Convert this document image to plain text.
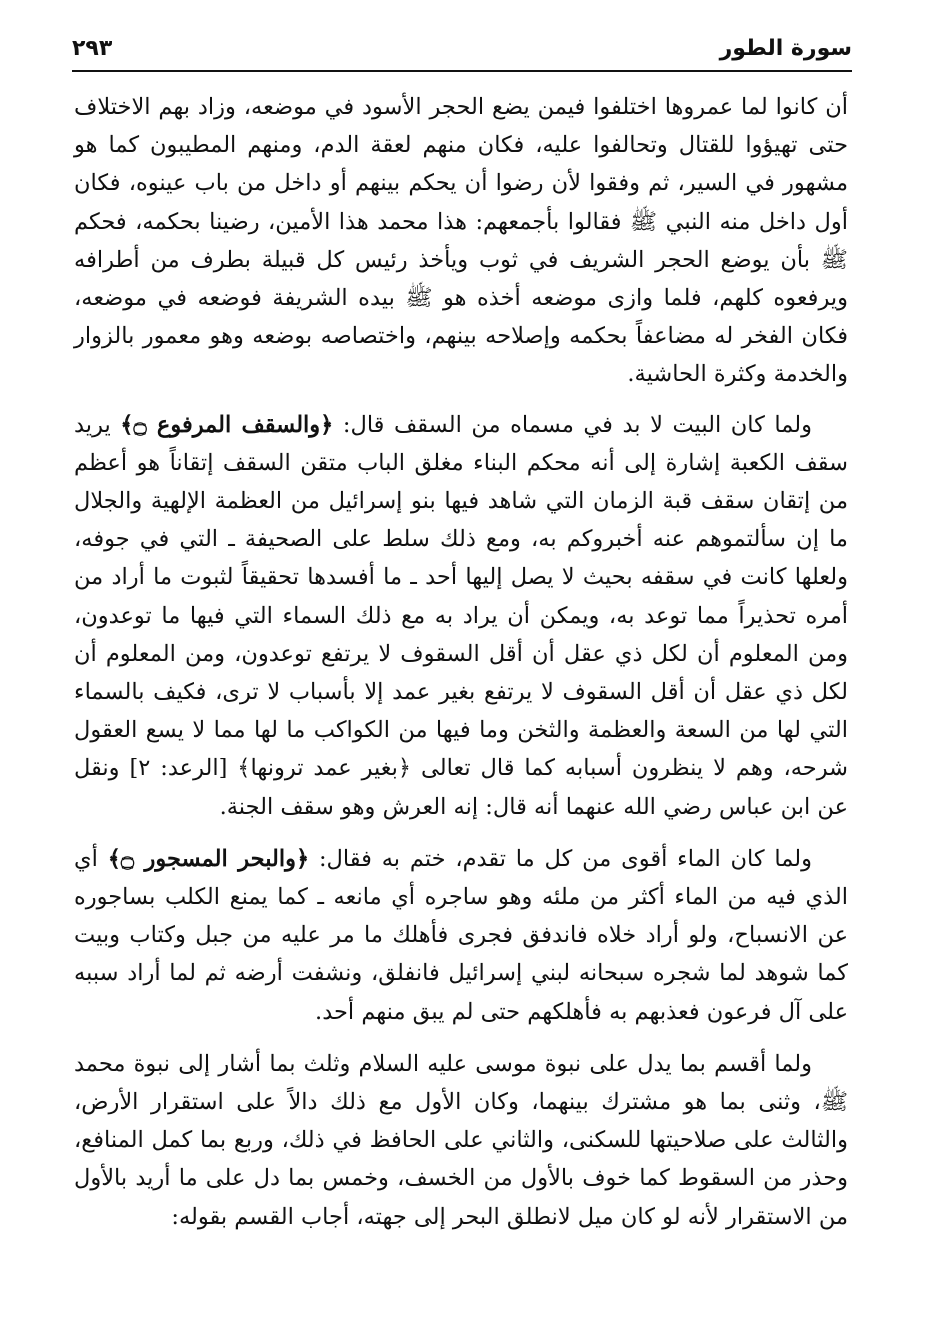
سورة الطور
٢٩٣

أن كانوا لما عمروها اختلفوا فيمن يضع الحجر الأسود في موضعه، وزاد بهم الاختلاف حتى تهيؤوا للقتال وتحالفوا عليه، فكان منهم لعقة الدم، ومنهم المطيبون كما هو مشهور في السير، ثم وفقوا لأن رضوا أن يحكم بينهم أو داخل من باب عينوه، فكان أول داخل منه النبي ﷺ فقالوا بأجمعهم: هذا محمد هذا الأمين، رضينا بحكمه، فحكم ﷺ بأن يوضع الحجر الشريف في ثوب ويأخذ رئيس كل قبيلة بطرف من أطرافه ويرفعوه كلهم، فلما وازى موضعه أخذه هو ﷺ بيده الشريفة فوضعه في موضعه، فكان الفخر له مضاعفاً بحكمه وإصلاحه بينهم، واختصاصه بوضعه وهو معمور بالزوار والخدمة وكثرة الحاشية.

ولما كان البيت لا بد في مسماه من السقف قال: ﴿والسقف المرفوع ۝﴾ يريد سقف الكعبة إشارة إلى أنه محكم البناء مغلق الباب متقن السقف إتقاناً هو أعظم من إتقان سقف قبة الزمان التي شاهد فيها بنو إسرائيل من العظمة الإلهية والجلال ما إن سألتموهم عنه أخبروكم به، ومع ذلك سلط على الصحيفة ـ التي في جوفه، ولعلها كانت في سقفه بحيث لا يصل إليها أحد ـ ما أفسدها تحقيقاً لثبوت ما أراد من أمره تحذيراً مما توعد به، ويمكن أن يراد به مع ذلك السماء التي فيها ما توعدون، ومن المعلوم أن لكل ذي عقل أن أقل السقوف لا يرتفع توعدون، ومن المعلوم أن لكل ذي عقل أن أقل السقوف لا يرتفع بغير عمد إلا بأسباب لا ترى، فكيف بالسماء التي لها من السعة والعظمة والثخن وما فيها من الكواكب ما لها مما لا يسع العقول شرحه، وهم لا ينظرون أسبابه كما قال تعالى ﴿بغير عمد ترونها﴾ [الرعد: ٢] ونقل عن ابن عباس رضي الله عنهما أنه قال: إنه العرش وهو سقف الجنة.

ولما كان الماء أقوى من كل ما تقدم، ختم به فقال: ﴿والبحر المسجور ۝﴾ أي الذي فيه من الماء أكثر من ملئه وهو ساجره أي مانعه ـ كما يمنع الكلب بساجوره عن الانسباح، ولو أراد خلاه فاندفق فجرى فأهلك ما مر عليه من جبل وكتاب وبيت كما شوهد لما شجره سبحانه لبني إسرائيل فانفلق، ونشفت أرضه ثم لما أراد سببه على آل فرعون فعذبهم به فأهلكهم حتى لم يبق منهم أحد.

ولما أقسم بما يدل على نبوة موسى عليه السلام وثلث بما أشار إلى نبوة محمد ﷺ، وثنى بما هو مشترك بينهما، وكان الأول مع ذلك دالاً على استقرار الأرض، والثالث على صلاحيتها للسكنى، والثاني على الحافظ في ذلك، وربع بما كمل المنافع، وحذر من السقوط كما خوف بالأول من الخسف، وخمس بما دل على ما أريد بالأول من الاستقرار لأنه لو كان ميل لانطلق البحر إلى جهته، أجاب القسم بقوله:
